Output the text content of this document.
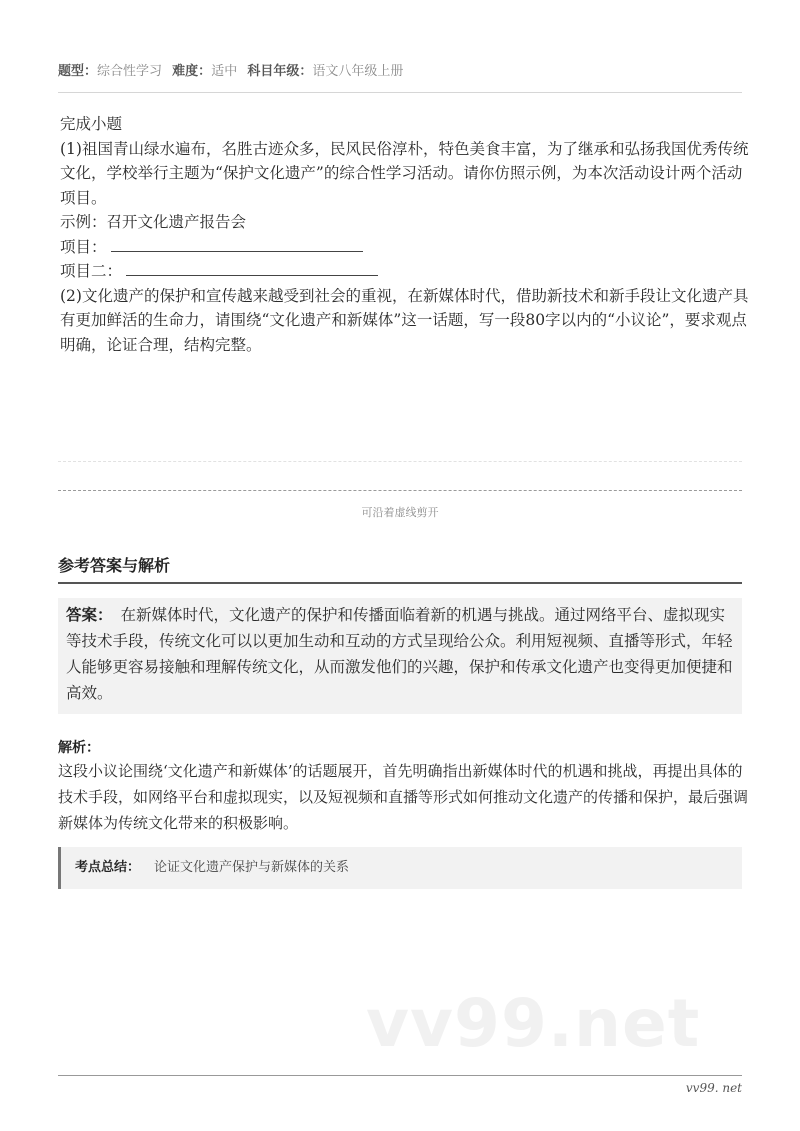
题型：综合性学习 难度：适中 科目年级：语文八年级上册

完成小题

(1)祖国青山绿水遍布，名胜古迹众多，民风民俗淳朴，特色美食丰富，为了继承和弘扬我国优秀传统文化，学校举行主题为“保护文化遗产”的综合性学习活动。请你仿照示例，为本次活动设计两个活动项目。

示例：召开文化遗产报告会

项目：

项目二：

(2)文化遗产的保护和宣传越来越受到社会的重视，在新媒体时代，借助新技术和新手段让文化遗产具有更加鲜活的生命力，请围绕“文化遗产和新媒体”这一话题，写一段80字以内的“小议论”，要求观点明确，论证合理，结构完整。

可沿着虚线剪开
参考答案与解析
答案： 在新媒体时代，文化遗产的保护和传播面临着新的机遇与挑战。通过网络平台、虚拟现实等技术手段，传统文化可以以更加生动和互动的方式呈现给公众。利用短视频、直播等形式，年轻人能够更容易接触和理解传统文化，从而激发他们的兴趣，保护和传承文化遗产也变得更加便捷和高效。
解析：
这段小议论围绕‘文化遗产和新媒体’的话题展开，首先明确指出新媒体时代的机遇和挑战，再提出具体的技术手段，如网络平台和虚拟现实，以及短视频和直播等形式如何推动文化遗产的传播和保护，最后强调新媒体为传统文化带来的积极影响。
考点总结： 论证文化遗产保护与新媒体的关系
vv99.net
vv99. net
